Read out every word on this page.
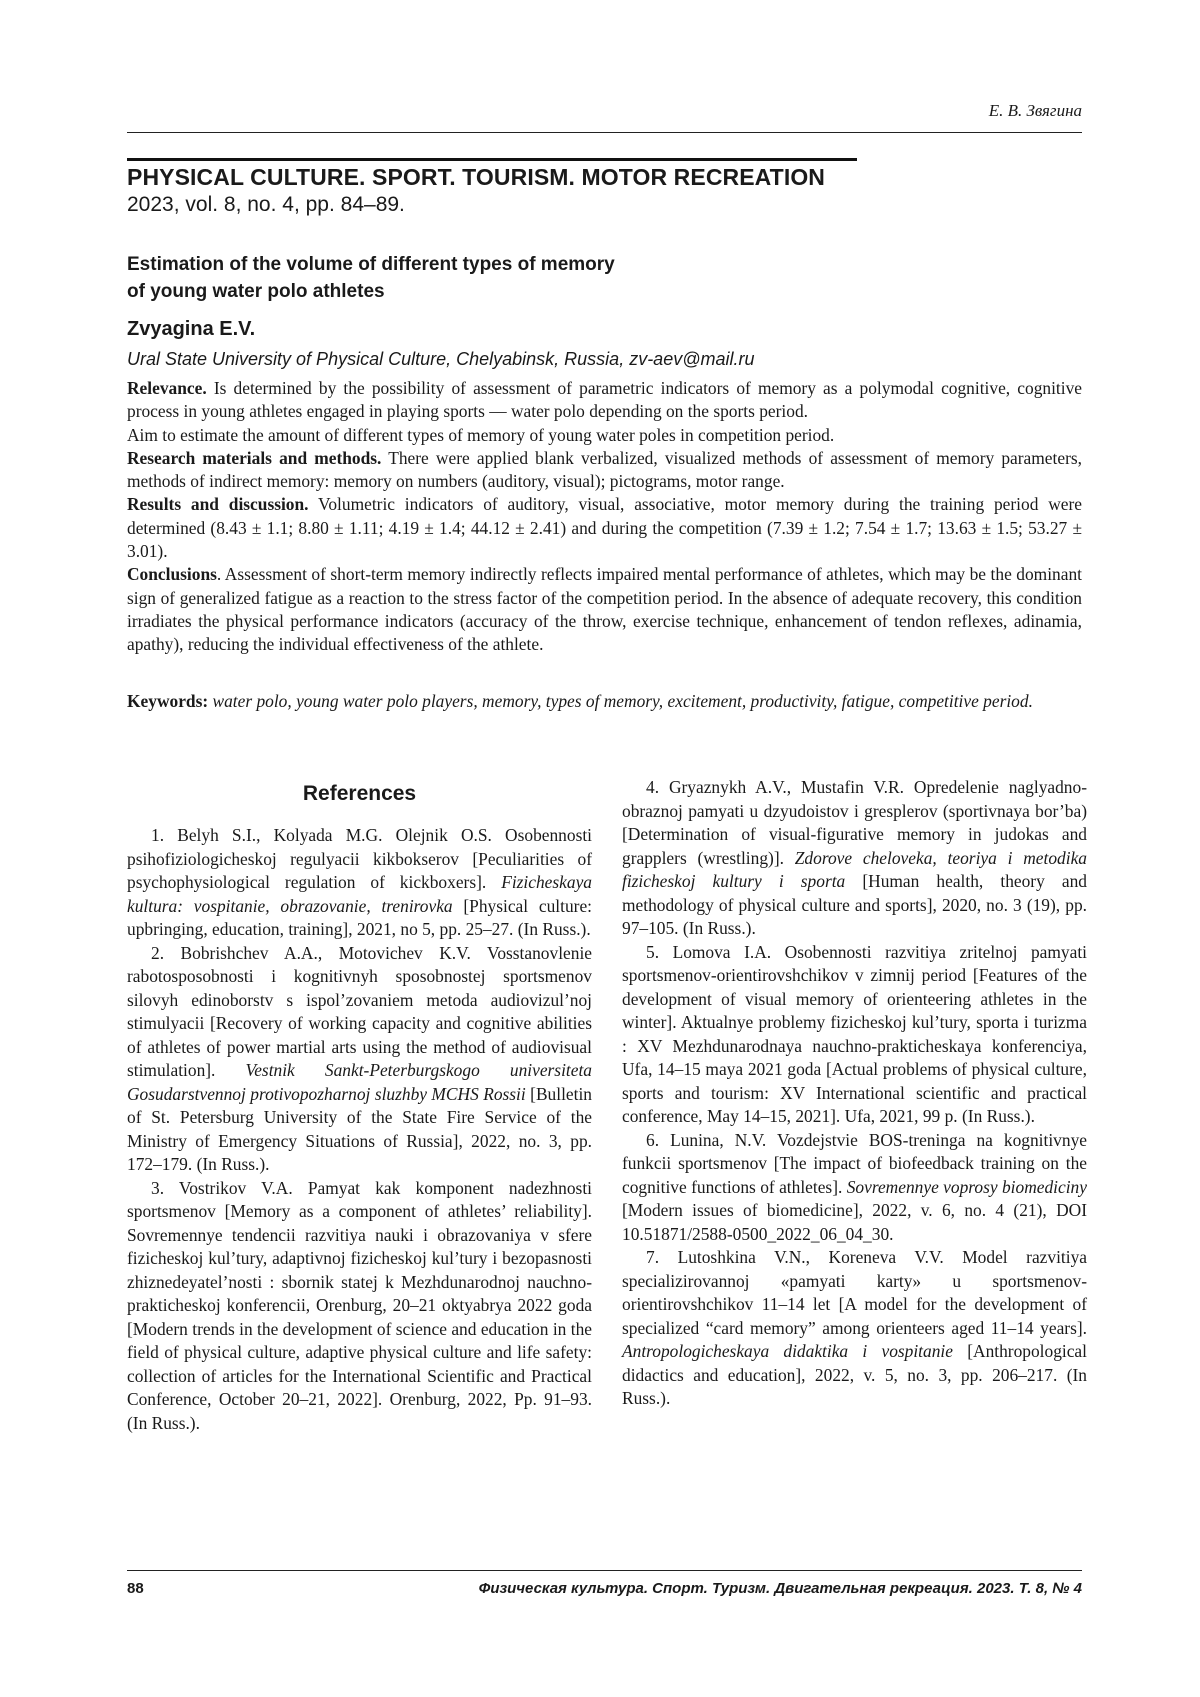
Е. В. Звягина
PHYSICAL CULTURE. SPORT. TOURISM. MOTOR RECREATION
2023, vol. 8, no. 4, pp. 84–89.
Estimation of the volume of different types of memory
of young water polo athletes
Zvyagina E.V.
Ural State University of Physical Culture, Chelyabinsk, Russia, zv-aev@mail.ru

Relevance. Is determined by the possibility of assessment of parametric indicators of memory as a polymodal cognitive, cognitive process in young athletes engaged in playing sports — water polo depending on the sports period.

Aim to estimate the amount of different types of memory of young water poles in competition period.

Research materials and methods. There were applied blank verbalized, visualized methods of assessment of memory parameters, methods of indirect memory: memory on numbers (auditory, visual); pictograms, motor range.

Results and discussion. Volumetric indicators of auditory, visual, associative, motor memory during the training period were determined (8.43 ± 1.1; 8.80 ± 1.11; 4.19 ± 1.4; 44.12 ± 2.41) and during the competition (7.39 ± 1.2; 7.54 ± 1.7; 13.63 ± 1.5; 53.27 ± 3.01).

Conclusions. Assessment of short-term memory indirectly reflects impaired mental performance of athletes, which may be the dominant sign of generalized fatigue as a reaction to the stress factor of the competition period. In the absence of adequate recovery, this condition irradiates the physical performance indicators (accuracy of the throw, exercise technique, enhancement of tendon reflexes, adinamia, apathy), reducing the individual effectiveness of the athlete.

Keywords: water polo, young water polo players, memory, types of memory, excitement, productivity, fatigue, competitive period.
References

1. Belyh S.I., Kolyada M.G. Olejnik O.S. Osobennosti psihofiziologicheskoj regulyacii kikbokserov [Peculiarities of psychophysiological regulation of kickboxers]. Fizicheskaya kultura: vospitanie, obrazovanie, trenirovka [Physical culture: upbringing, education, training], 2021, no 5, pp. 25–27. (In Russ.).

2. Bobrishchev A.A., Motovichev K.V. Vosstanovlenie rabotosposobnosti i kognitivnyh sposobnostej sportsmenov silovyh edinoborstv s ispol’zovaniem metoda audiovizul’noj stimulyacii [Recovery of working capacity and cognitive abilities of athletes of power martial arts using the method of audiovisual stimulation]. Vestnik Sankt-Peterburgskogo universiteta Gosudarstvennoj protivopozharnoj sluzhby MCHS Rossii [Bulletin of St. Petersburg University of the State Fire Service of the Ministry of Emergency Situations of Russia], 2022, no. 3, pp. 172–179. (In Russ.).

3. Vostrikov V.A. Pamyat kak komponent nadezhnosti sportsmenov [Memory as a component of athletes’ reliability]. Sovremennye tendencii razvitiya nauki i obrazovaniya v sfere fizicheskoj kul’tury, adaptivnoj fizicheskoj kul’tury i bezopasnosti zhiznedeyatel’nosti : sbornik statej k Mezhdunarodnoj nauchno-prakticheskoj konferencii, Orenburg, 20–21 oktyabrya 2022 goda [Modern trends in the development of science and education in the field of physical culture, adaptive physical culture and life safety: collection of articles for the International Scientific and Practical Conference, October 20–21, 2022]. Orenburg, 2022, Pp. 91–93. (In Russ.).

4. Gryaznykh A.V., Mustafin V.R. Opredelenie naglyadno-obraznoj pamyati u dzyudoistov i gresplerov (sportivnaya bor’ba) [Determination of visual-figurative memory in judokas and grapplers (wrestling)]. Zdorove cheloveka, teoriya i metodika fizicheskoj kultury i sporta [Human health, theory and methodology of physical culture and sports], 2020, no. 3 (19), pp. 97–105. (In Russ.).

5. Lomova I.A. Osobennosti razvitiya zritelnoj pamyati sportsmenov-orientirovshchikov v zimnij period [Features of the development of visual memory of orienteering athletes in the winter]. Aktualnye problemy fizicheskoj kul’tury, sporta i turizma : XV Mezhdunarodnaya nauchno-prakticheskaya konferenciya, Ufa, 14–15 maya 2021 goda [Actual problems of physical culture, sports and tourism: XV International scientific and practical conference, May 14–15, 2021]. Ufa, 2021, 99 p. (In Russ.).

6. Lunina, N.V. Vozdejstvie BOS-treninga na kognitivnye funkcii sportsmenov [The impact of biofeedback training on the cognitive functions of athletes]. Sovremennye voprosy biomediciny [Modern issues of biomedicine], 2022, v. 6, no. 4 (21), DOI 10.51871/2588-0500_2022_06_04_30.

7. Lutoshkina V.N., Koreneva V.V. Model razvitiya specializirovannoj «pamyati karty» u sportsmenov-orientirovshchikov 11–14 let [A model for the development of specialized “card memory” among orienteers aged 11–14 years]. Antropologicheskaya didaktika i vospitanie [Anthropological didactics and education], 2022, v. 5, no. 3, pp. 206–217. (In Russ.).

88	Физическая культура. Спорт. Туризм. Двигательная рекреация. 2023. Т. 8, № 4
